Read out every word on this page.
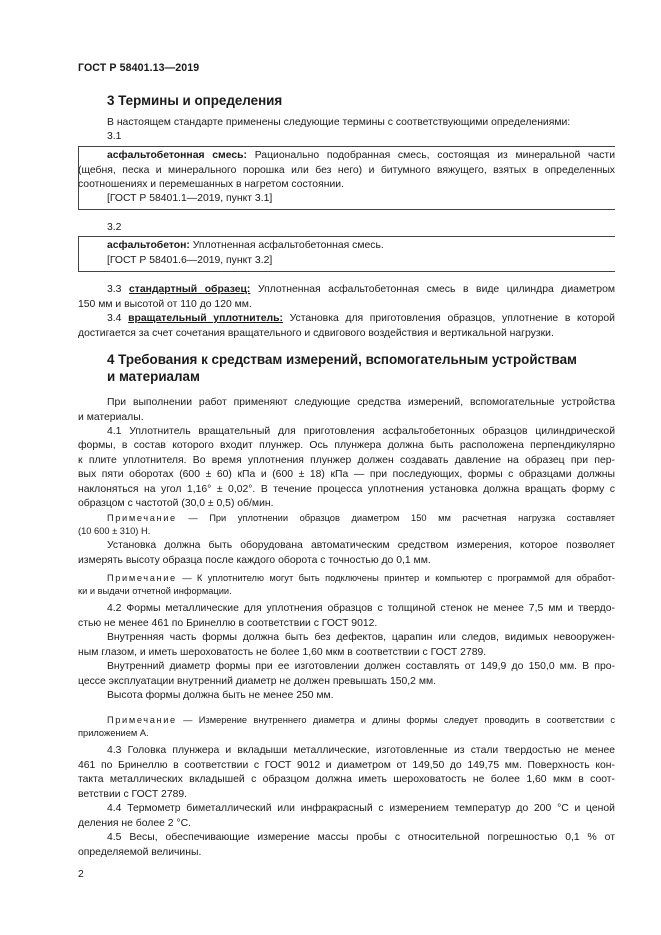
ГОСТ Р 58401.13—2019
3 Термины и определения
В настоящем стандарте применены следующие термины с соответствующими определениями:
3.1
асфальтобетонная смесь: Рационально подобранная смесь, состоящая из минеральной части
(щебня, песка и минерального порошка или без него) и битумного вяжущего, взятых в определенных
соотношениях и перемешанных в нагретом состоянии.
[ГОСТ Р 58401.1—2019, пункт 3.1]
3.2
асфальтобетон: Уплотненная асфальтобетонная смесь.
[ГОСТ Р 58401.6—2019, пункт 3.2]
3.3 стандартный образец: Уплотненная асфальтобетонная смесь в виде цилиндра диаметром
150 мм и высотой от 110 до 120 мм.
3.4 вращательный уплотнитель: Установка для приготовления образцов, уплотнение в которой
достигается за счет сочетания вращательного и сдвигового воздействия и вертикальной нагрузки.
4 Требования к средствам измерений, вспомогательным устройствам
и материалам
При выполнении работ применяют следующие средства измерений, вспомогательные устройства
и материалы.
4.1 Уплотнитель вращательный для приготовления асфальтобетонных образцов цилиндрической
формы, в состав которого входит плунжер. Ось плунжера должна быть расположена перпендикулярно
к плите уплотнителя. Во время уплотнения плунжер должен создавать давление на образец при пер-
вых пяти оборотах (600 ± 60) кПа и (600 ± 18) кПа — при последующих, формы с образцами должны
наклоняться на угол 1,16° ± 0,02°. В течение процесса уплотнения установка должна вращать форму с
образцом с частотой (30,0 ± 0,5) об/мин.
Примечание — При уплотнении образцов диаметром 150 мм расчетная нагрузка составляет
(10 600 ± 310) Н.
Установка должна быть оборудована автоматическим средством измерения, которое позволяет
измерять высоту образца после каждого оборота с точностью до 0,1 мм.
Примечание — К уплотнителю могут быть подключены принтер и компьютер с программой для обработ-
ки и выдачи отчетной информации.
4.2 Формы металлические для уплотнения образцов с толщиной стенок не менее 7,5 мм и твердо-
стью не менее 461 по Бринеллю в соответствии с ГОСТ 9012.
Внутренняя часть формы должна быть без дефектов, царапин или следов, видимых невооружен-
ным глазом, и иметь шероховатость не более 1,60 мкм в соответствии с ГОСТ 2789.
Внутренний диаметр формы при ее изготовлении должен составлять от 149,9 до 150,0 мм. В про-
цессе эксплуатации внутренний диаметр не должен превышать 150,2 мм.
Высота формы должна быть не менее 250 мм.
Примечание — Измерение внутреннего диаметра и длины формы следует проводить в соответствии с
приложением А.
4.3 Головка плунжера и вкладыши металлические, изготовленные из стали твердостью не менее
461 по Бринеллю в соответствии с ГОСТ 9012 и диаметром от 149,50 до 149,75 мм. Поверхность кон-
такта металлических вкладышей с образцом должна иметь шероховатость не более 1,60 мкм в соот-
ветствии с ГОСТ 2789.
4.4 Термометр биметаллический или инфракрасный с измерением температур до 200 °С и ценой
деления не более 2 °С.
4.5 Весы, обеспечивающие измерение массы пробы с относительной погрешностью 0,1 % от
определяемой величины.
2
